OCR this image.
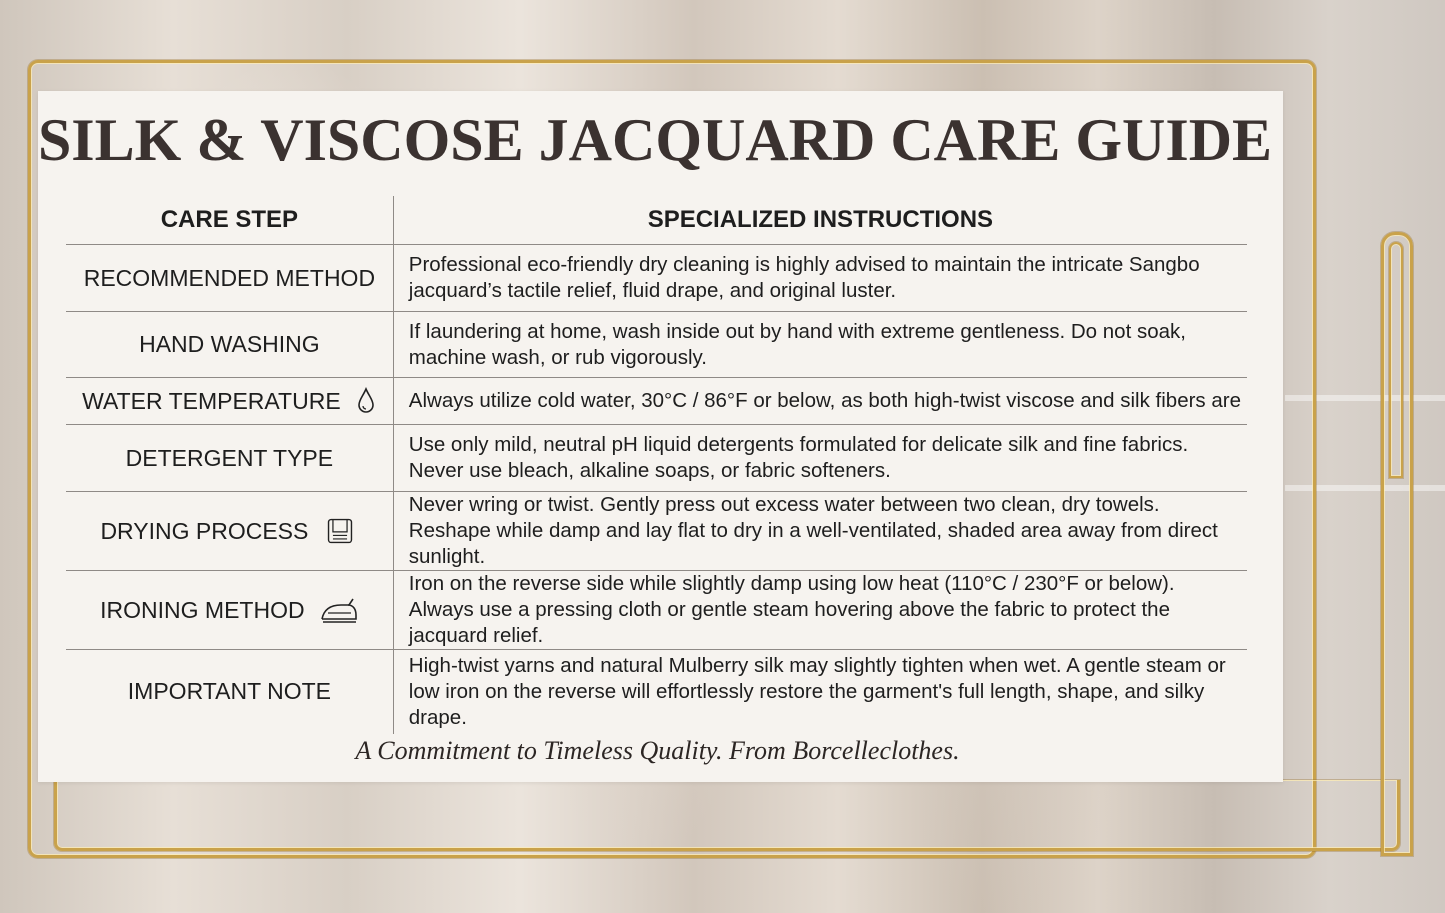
SILK & VISCOSE JACQUARD CARE GUIDE
CARE STEP	SPECIALIZED INSTRUCTIONS
RECOMMENDED METHOD	Professional eco-friendly dry cleaning is highly advised to maintain the intricate Sangbo jacquard’s tactile relief, fluid drape, and original luster.
HAND WASHING	If laundering at home, wash inside out by hand with extreme gentleness. Do not soak, machine wash, or rub vigorously.

WATER TEMPERATURE	Always utilize cold water, 30°C / 86°F or below, as both high-twist viscose and silk fibers are
DETERGENT TYPE	Use only mild, neutral pH liquid detergents formulated for delicate silk and fine fabrics. Never use bleach, alkaline soaps, or fabric softeners.

DRYING PROCESS	Never wring or twist. Gently press out excess water between two clean, dry towels. Reshape while damp and lay flat to dry in a well-ventilated, shaded area away from direct sunlight.

IRONING METHOD	Iron on the reverse side while slightly damp using low heat (110°C / 230°F or below). Always use a pressing cloth or gentle steam hovering above the fabric to protect the jacquard relief.
IMPORTANT NOTE	High-twist yarns and natural Mulberry silk may slightly tighten when wet. A gentle steam or low iron on the reverse will effortlessly restore the garment's full length, shape, and silky drape.

A Commitment to Timeless Quality. From Borcelleclothes.
